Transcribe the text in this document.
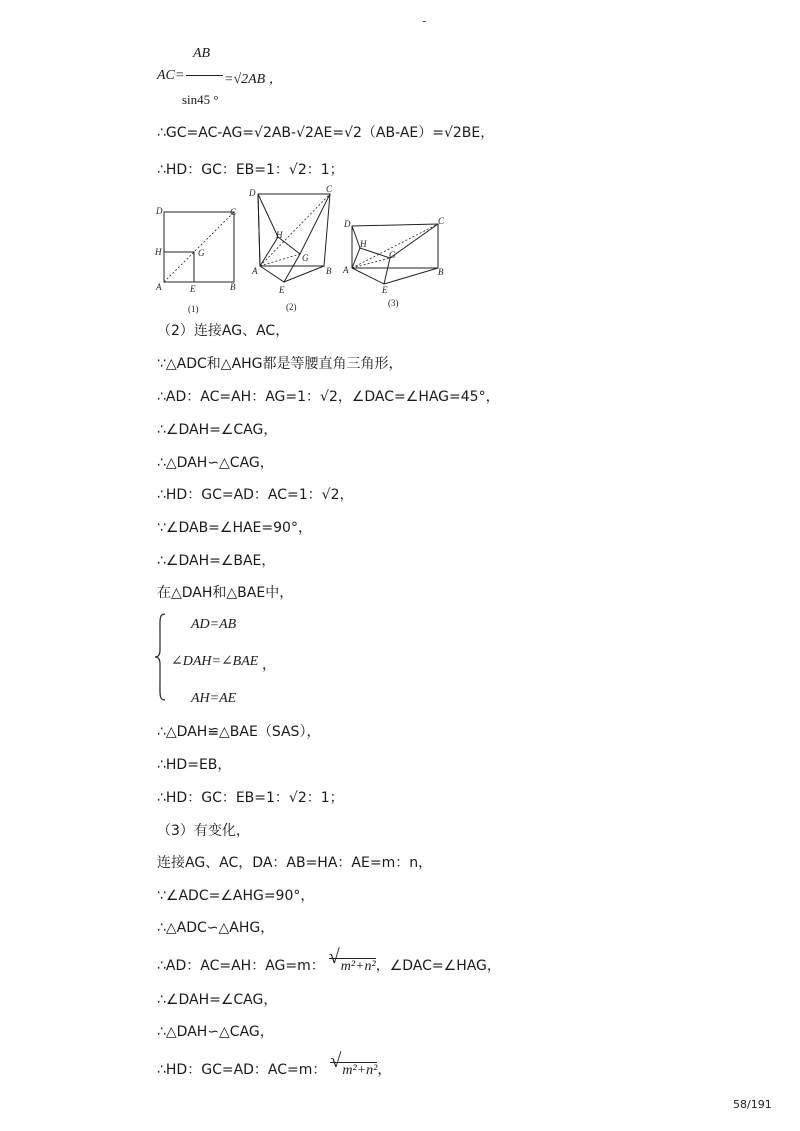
-
AC=
AB
sin45 °
=√2AB ，
∴GC=AC-AG=√2AB-√2AE=√2（AB-AE）=√2BE，
∴HD：GC：EB=1：√2：1；
D	C
H	G
A	E	B
(1)
D	C
H
A
G
B
E
(2)
D	C
H
G
A
E
B
(3)
（2）连接AG、AC，
∵△ADC和△AHG都是等腰直角三角形，
∴AD：AC=AH：AG=1：√2，∠DAC=∠HAG=45°，
∴∠DAH=∠CAG，
∴△DAH∽△CAG，
∴HD：GC=AD：AC=1：√2，
∵∠DAB=∠HAE=90°，
∴∠DAH=∠BAE，
在△DAH和△BAE中，
AD=AB
∠DAH=∠BAE ，
AH=AE
∴△DAH≌△BAE（SAS），
∴HD=EB，
∴HD：GC：EB=1：√2：1；
（3）有变化，
连接AG、AC，DA：AB=HA：AE=m：n，
∵∠ADC=∠AHG=90°，
∴△ADC∽△AHG，
∴AD：AC=AH：AG=m： √ m²+n²，∠DAC=∠HAG，
∴∠DAH=∠CAG，
∴△DAH∽△CAG，
∴HD：GC=AD：AC=m： √ m²+n²，
58/191
